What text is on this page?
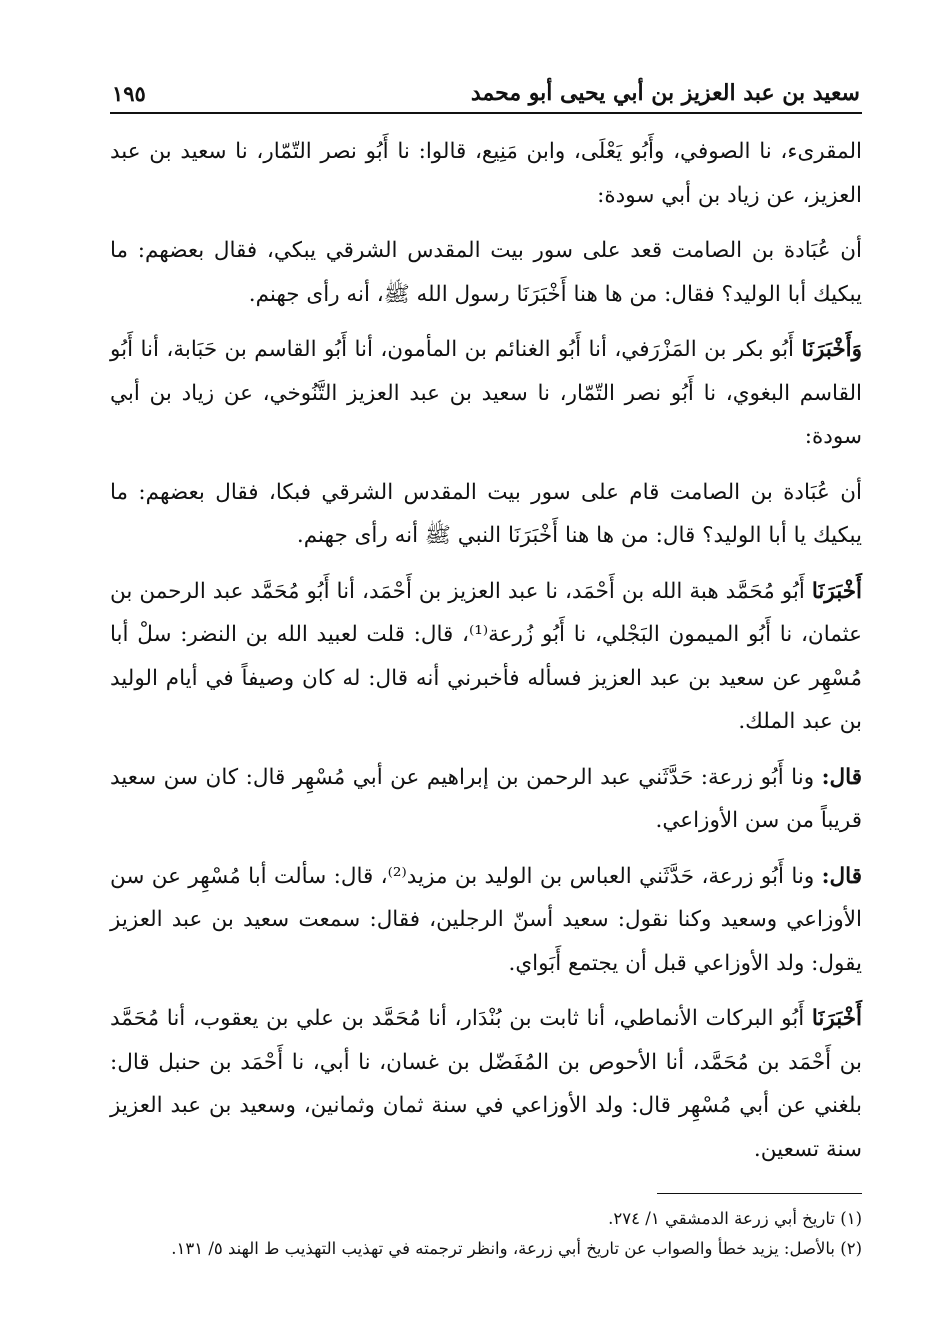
سعيد بن عبد العزيز بن أبي يحيى أبو محمد
١٩٥

المقرىء، نا الصوفي، وأَبُو يَعْلَى، وابن مَنِيع، قالوا: نا أَبُو نصر التّمّار، نا سعيد بن عبد العزيز، عن زياد بن أبي سودة:

أن عُبَادة بن الصامت قعد على سور بيت المقدس الشرقي يبكي، فقال بعضهم: ما يبكيك أبا الوليد؟ فقال: من ها هنا أَخْبَرَنَا رسول الله ﷺ، أنه رأى جهنم.

وَأَخْبَرَنَا أَبُو بكر بن المَزْرَفي، أنا أَبُو الغنائم بن المأمون، أنا أَبُو القاسم بن حَبَابة، أنا أَبُو القاسم البغوي، نا أَبُو نصر التّمّار، نا سعيد بن عبد العزيز التَّنُوخي، عن زياد بن أبي سودة:

أن عُبَادة بن الصامت قام على سور بيت المقدس الشرقي فبكا، فقال بعضهم: ما يبكيك يا أبا الوليد؟ قال: من ها هنا أَخْبَرَنَا النبي ﷺ أنه رأى جهنم.

أَخْبَرَنَا أَبُو مُحَمَّد هبة الله بن أَحْمَد، نا عبد العزيز بن أَحْمَد، أنا أَبُو مُحَمَّد عبد الرحمن بن عثمان، نا أَبُو الميمون البَجْلي، نا أَبُو زُرعة⁽¹⁾، قال: قلت لعبيد الله بن النضر: سلْ أبا مُسْهِر عن سعيد بن عبد العزيز فسأله فأخبرني أنه قال: له كان وصيفاً في أيام الوليد بن عبد الملك.

قال: ونا أَبُو زرعة: حَدَّثَني عبد الرحمن بن إبراهيم عن أبي مُسْهِر قال: كان سن سعيد قريباً من سن الأوزاعي.

قال: ونا أَبُو زرعة، حَدَّثَني العباس بن الوليد بن مزيد⁽²⁾، قال: سألت أبا مُسْهِر عن سن الأوزاعي وسعيد وكنا نقول: سعيد أسنّ الرجلين، فقال: سمعت سعيد بن عبد العزيز يقول: ولد الأوزاعي قبل أن يجتمع أَبَواي.

أَخْبَرَنَا أَبُو البركات الأنماطي، أنا ثابت بن بُنْدَار، أنا مُحَمَّد بن علي بن يعقوب، أنا مُحَمَّد بن أَحْمَد بن مُحَمَّد، أنا الأحوص بن المُفَضّل بن غسان، نا أبي، نا أَحْمَد بن حنبل قال: بلغني عن أبي مُسْهِر قال: ولد الأوزاعي في سنة ثمان وثمانين، وسعيد بن عبد العزيز سنة تسعين.

(١) تاريخ أبي زرعة الدمشقي ١/ ٢٧٤.

(٢) بالأصل: يزيد خطأ والصواب عن تاريخ أبي زرعة، وانظر ترجمته في تهذيب التهذيب ط الهند ٥/ ١٣١.
